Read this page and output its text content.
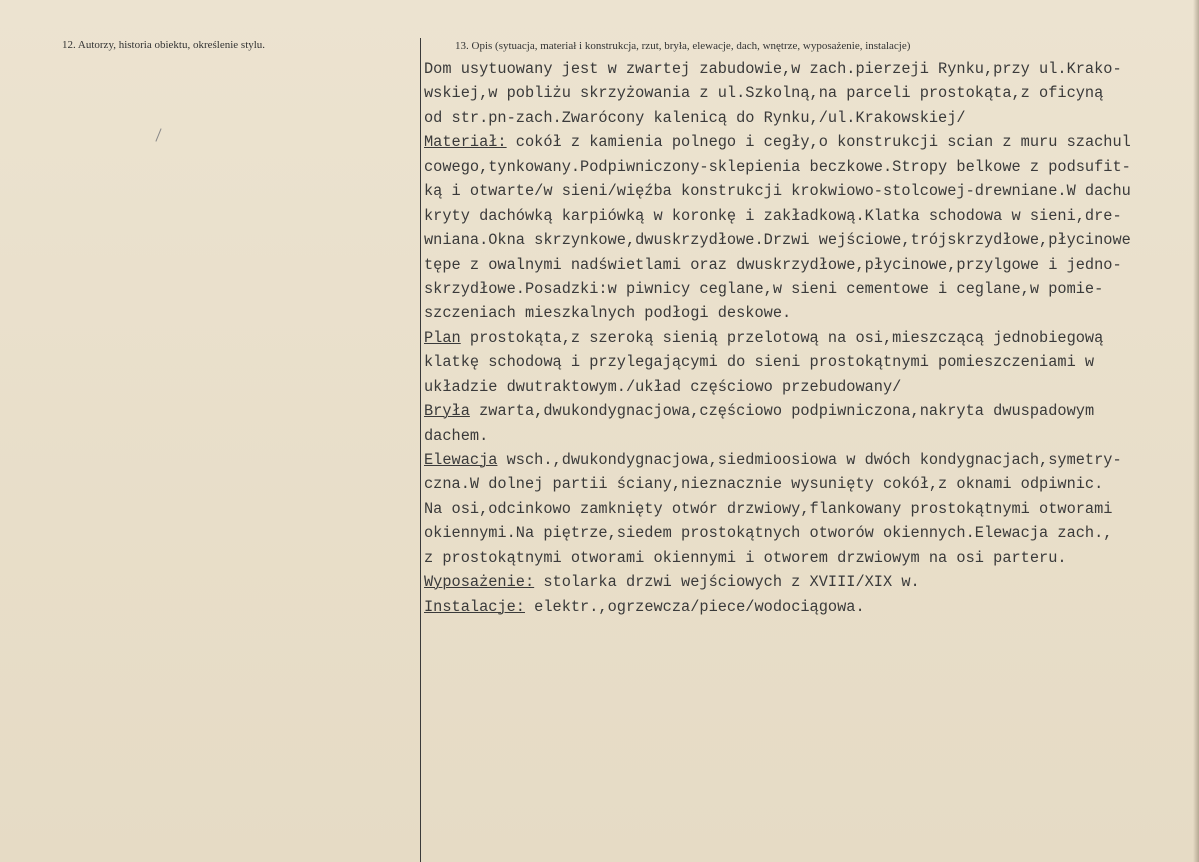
12. Autorzy, historia obiektu, określenie stylu.	13. Opis (sytuacja, materiał i konstrukcja, rzut, bryła, elewacje, dach, wnętrze, wyposażenie, instalacje)
Dom usytuowany jest w zwartej zabudowie,w zach.pierzeji Rynku,przy ul.Krako-
wskiej,w pobliżu skrzyżowania z ul.Szkolną,na parceli prostokąta,z oficyną
od str.pn-zach.Zwarócony kalenicą do Rynku,/ul.Krakowskiej/
Materiał: cokół z kamienia polnego i cegły,o konstrukcji scian z muru szachul
cowego,tynkowany.Podpiwniczony-sklepienia beczkowe.Stropy belkowe z podsufit-
ką i otwarte/w sieni/więźba konstrukcji krokwiowo-stolcowej-drewniane.W dachu
kryty dachówką karpiówką w koronkę i zakładkową.Klatka schodowa w sieni,dre-
wniana.Okna skrzynkowe,dwuskrzydłowe.Drzwi wejściowe,trójskrzydłowe,płycinowe
tępe z owalnymi nadświetlami oraz dwuskrzydłowe,płycinowe,przylgowe i jedno-
skrzydłowe.Posadzki:w piwnicy ceglane,w sieni cementowe i ceglane,w pomie-
szczeniach mieszkalnych podłogi deskowe.
Plan prostokąta,z szeroką sienią przelotową na osi,mieszczącą jednobiegową
klatkę schodową i przylegającymi do sieni prostokątnymi pomieszczeniami w
układzie dwutraktowym./układ częściowo przebudowany/
Bryła zwarta,dwukondygnacjowa,częściowo podpiwniczona,nakryta dwuspadowym
dachem.
Elewacja wsch.,dwukondygnacjowa,siedmioosiowa w dwóch kondygnacjach,symetry-
czna.W dolnej partii ściany,nieznacznie wysunięty cokół,z oknami odpiwnic.
Na osi,odcinkowo zamknięty otwór drzwiowy,flankowany prostokątnymi otworami
okiennymi.Na piętrze,siedem prostokątnych otworów okiennych.Elewacja zach.,
z prostokątnymi otworami okiennymi i otworem drzwiowym na osi parteru.
Wyposażenie: stolarka drzwi wejściowych z XVIII/XIX w.
Instalacje: elektr.,ogrzewcza/piece/wodociągowa.
